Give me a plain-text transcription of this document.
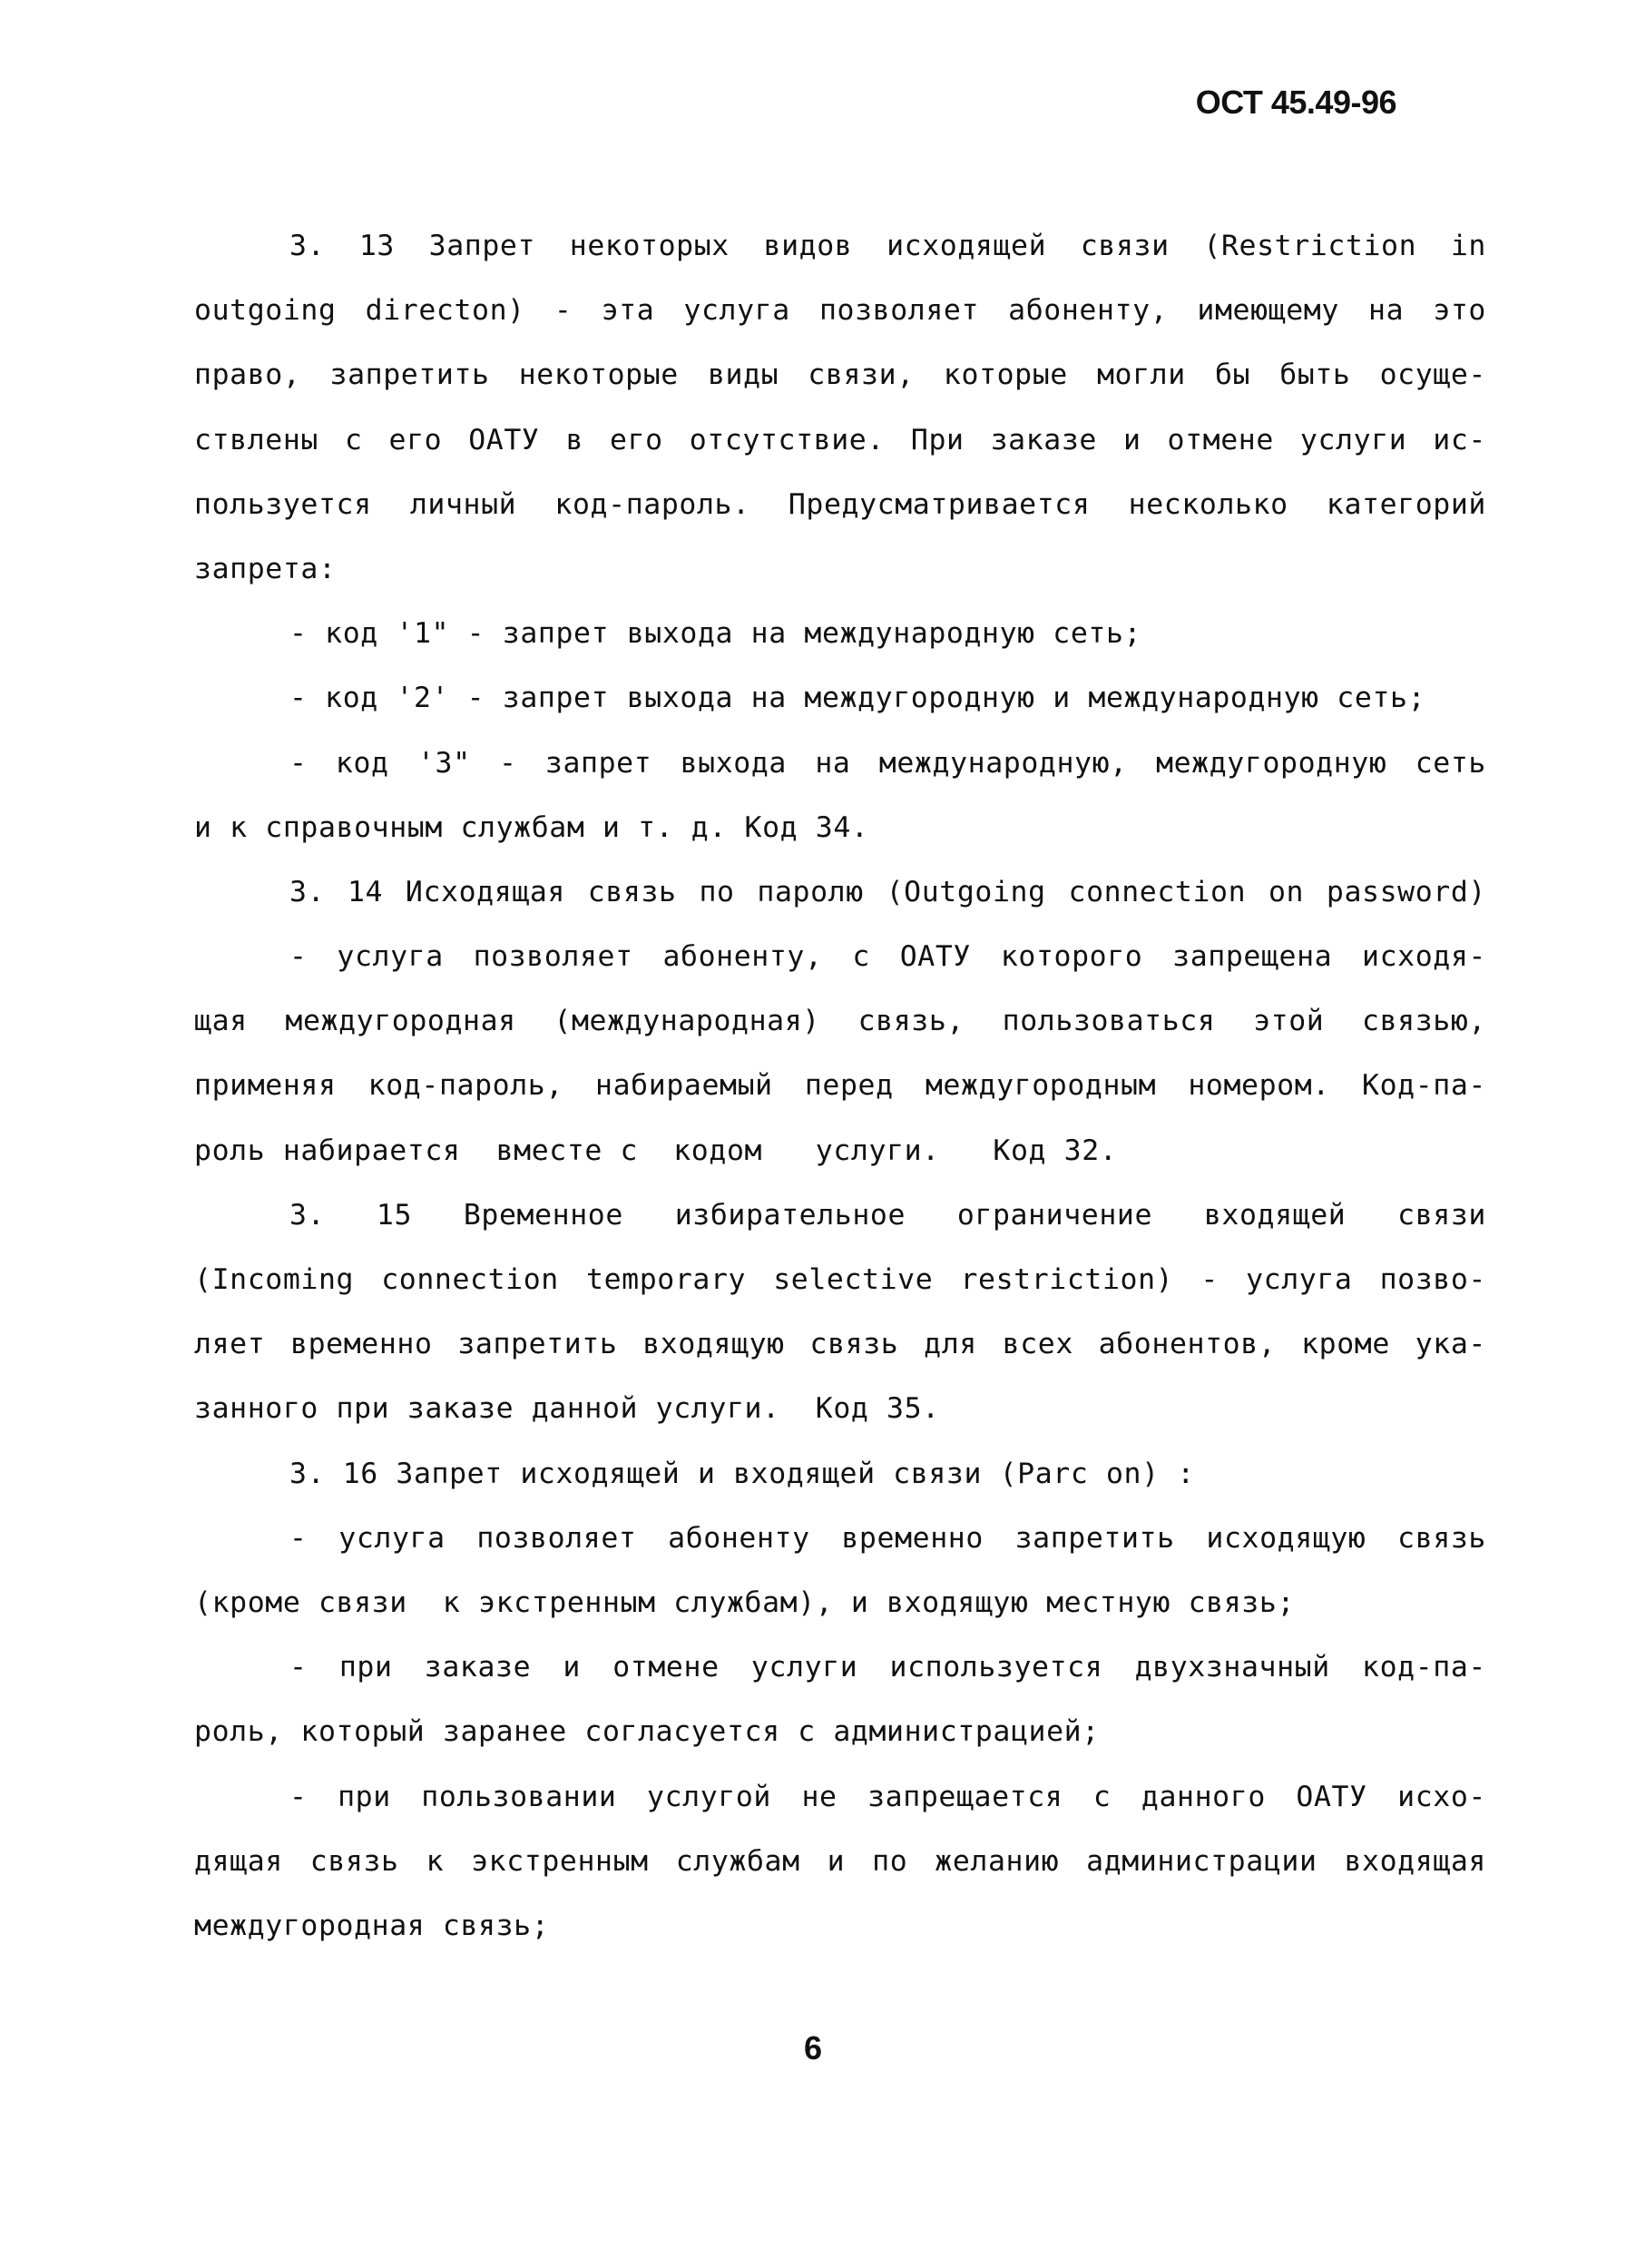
ОСТ 45.49-96
3. 13 Запрет некоторых видов исходящей связи (Restriction in
outgoing directon) - эта услуга позволяет абоненту, имеющему на это
право, запретить некоторые виды связи, которые могли бы быть осуще-
ствлены с его ОАТУ в его отсутствие. При заказе и отмене услуги ис-
пользуется личный код-пароль. Предусматривается несколько категорий
запрета:
- код '1" - запрет выхода на международную сеть;
- код '2' - запрет выхода на междугородную и международную сеть;
- код '3" - запрет выхода на международную, междугородную сеть
и к справочным службам и т. д. Код 34.
3. 14 Исходящая связь по паролю (Outgoing connection on password)
- услуга позволяет абоненту, с ОАТУ которого запрещена исходя-
щая междугородная (международная) связь, пользоваться этой связью,
применяя код-пароль, набираемый перед междугородным номером. Код-па-
роль набирается  вместе с  кодом   услуги.   Код 32.
3. 15 Временное избирательное ограничение входящей связи
(Incoming connection temporary selective restriction) - услуга позво-
ляет временно запретить входящую связь для всех абонентов, кроме ука-
занного при заказе данной услуги.  Код 35.
3. 16 Запрет исходящей и входящей связи (Parc on) :
- услуга позволяет абоненту временно запретить исходящую связь
(кроме связи  к экстренным службам), и входящую местную связь;
- при заказе и отмене услуги используется двухзначный код-па-
роль, который заранее согласуется с администрацией;
- при пользовании услугой не запрещается с данного ОАТУ исхо-
дящая связь к экстренным службам и по желанию администрации входящая
междугородная связь;
6
